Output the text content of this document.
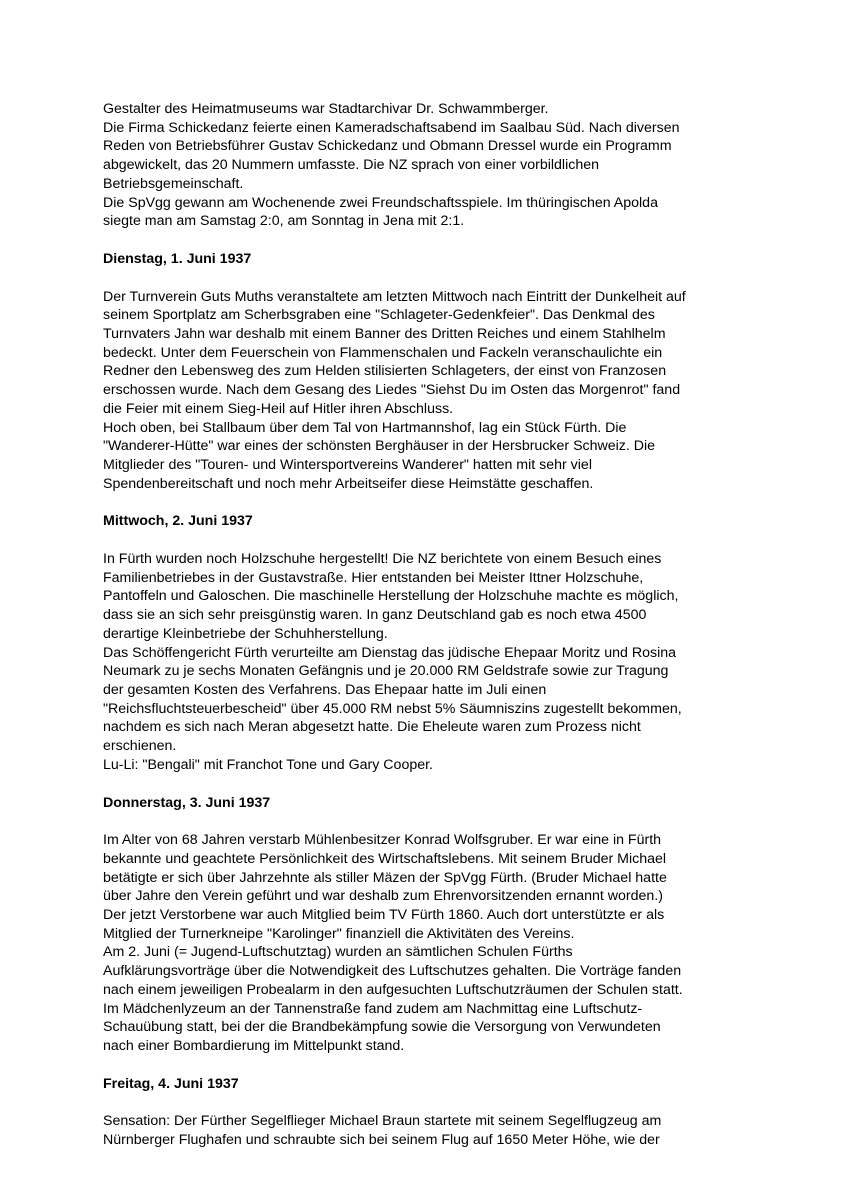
Gestalter des Heimatmuseums war Stadtarchivar Dr. Schwammberger.
Die Firma Schickedanz feierte einen Kameradschaftsabend im Saalbau Süd. Nach diversen
Reden von Betriebsführer Gustav Schickedanz und Obmann Dressel wurde ein Programm
abgewickelt, das 20 Nummern umfasste. Die NZ sprach von einer vorbildlichen
Betriebsgemeinschaft.
Die SpVgg gewann am Wochenende zwei Freundschaftsspiele. Im thüringischen Apolda
siegte man am Samstag 2:0, am Sonntag in Jena mit 2:1.
Dienstag, 1. Juni 1937
Der Turnverein Guts Muths veranstaltete am letzten Mittwoch nach Eintritt der Dunkelheit auf
seinem Sportplatz am Scherbsgraben eine "Schlageter-Gedenkfeier". Das Denkmal des
Turnvaters Jahn war deshalb mit einem Banner des Dritten Reiches und einem Stahlhelm
bedeckt. Unter dem Feuerschein von Flammenschalen und Fackeln veranschaulichte ein
Redner den Lebensweg des zum Helden stilisierten Schlageters, der einst von Franzosen
erschossen wurde. Nach dem Gesang des Liedes "Siehst Du im Osten das Morgenrot" fand
die Feier mit einem Sieg-Heil auf Hitler ihren Abschluss.
Hoch oben, bei Stallbaum über dem Tal von Hartmannshof, lag ein Stück Fürth. Die
"Wanderer-Hütte" war eines der schönsten Berghäuser in der Hersbrucker Schweiz. Die
Mitglieder des "Touren- und Wintersportvereins Wanderer" hatten mit sehr viel
Spendenbereitschaft und noch mehr Arbeitseifer diese Heimstätte geschaffen.
Mittwoch, 2. Juni 1937
In Fürth wurden noch Holzschuhe hergestellt! Die NZ berichtete von einem Besuch eines
Familienbetriebes in der Gustavstraße. Hier entstanden bei Meister Ittner Holzschuhe,
Pantoffeln und Galoschen. Die maschinelle Herstellung der Holzschuhe machte es möglich,
dass sie an sich sehr preisgünstig waren. In ganz Deutschland gab es noch etwa 4500
derartige Kleinbetriebe der Schuhherstellung.
Das Schöffengericht Fürth verurteilte am Dienstag das jüdische Ehepaar Moritz und Rosina
Neumark zu je sechs Monaten Gefängnis und je 20.000 RM Geldstrafe sowie zur Tragung
der gesamten Kosten des Verfahrens. Das Ehepaar hatte im Juli einen
"Reichsfluchtsteuerbescheid" über 45.000 RM nebst 5% Säumniszins zugestellt bekommen,
nachdem es sich nach Meran abgesetzt hatte. Die Eheleute waren zum Prozess nicht
erschienen.
Lu-Li: "Bengali" mit Franchot Tone und Gary Cooper.
Donnerstag, 3. Juni 1937
Im Alter von 68 Jahren verstarb Mühlenbesitzer Konrad Wolfsgruber. Er war eine in Fürth
bekannte und geachtete Persönlichkeit des Wirtschaftslebens. Mit seinem Bruder Michael
betätigte er sich über Jahrzehnte als stiller Mäzen der SpVgg Fürth. (Bruder Michael hatte
über Jahre den Verein geführt und war deshalb zum Ehrenvorsitzenden ernannt worden.)
Der jetzt Verstorbene war auch Mitglied beim TV Fürth 1860. Auch dort unterstützte er als
Mitglied der Turnerkneipe "Karolinger" finanziell die Aktivitäten des Vereins.
Am 2. Juni (= Jugend-Luftschutztag) wurden an sämtlichen Schulen Fürths
Aufklärungsvorträge über die Notwendigkeit des Luftschutzes gehalten. Die Vorträge fanden
nach einem jeweiligen Probealarm in den aufgesuchten Luftschutzräumen der Schulen statt.
Im Mädchenlyzeum an der Tannenstraße fand zudem am Nachmittag eine Luftschutz-
Schauübung statt, bei der die Brandbekämpfung sowie die Versorgung von Verwundeten
nach einer Bombardierung im Mittelpunkt stand.
Freitag, 4. Juni 1937
Sensation: Der Fürther Segelflieger Michael Braun startete mit seinem Segelflugzeug am
Nürnberger Flughafen und schraubte sich bei seinem Flug auf 1650 Meter Höhe, wie der
